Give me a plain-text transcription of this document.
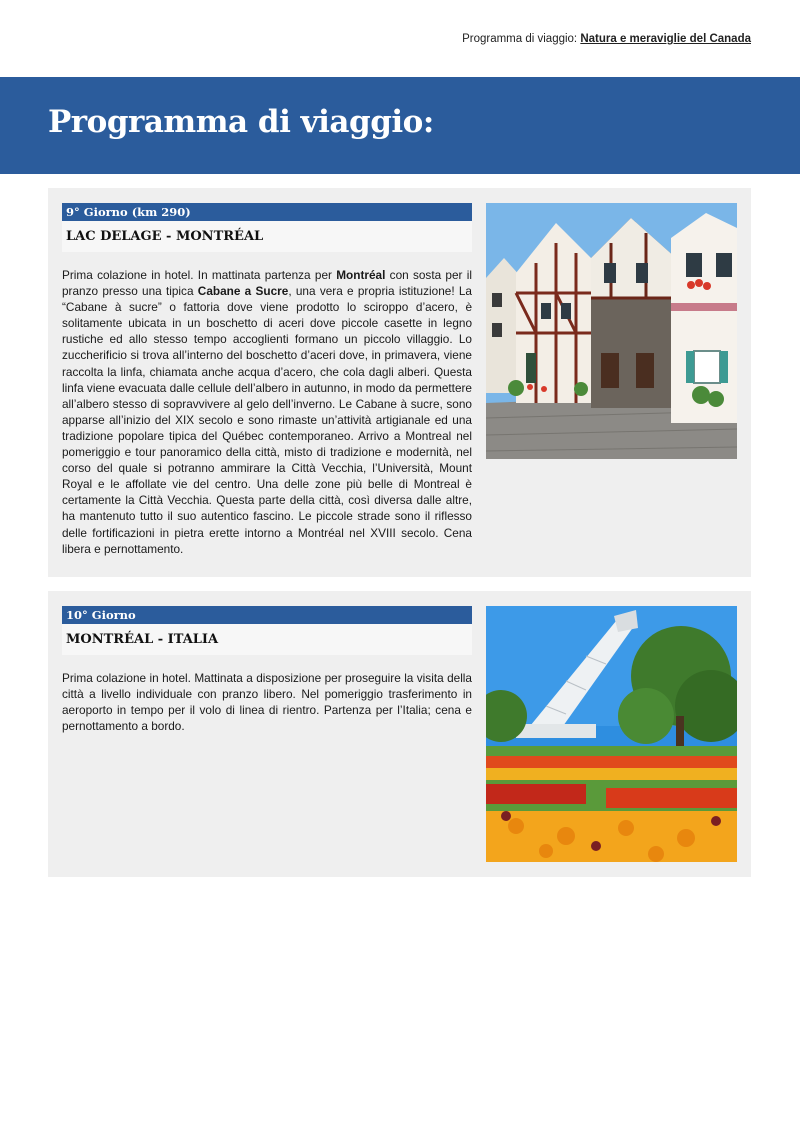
Programma di viaggio: Natura e meraviglie del Canada
Programma di viaggio:
9° Giorno (km 290)
LAC DELAGE - MONTRÉAL

Prima colazione in hotel. In mattinata partenza per Montréal con sosta per il pranzo presso una tipica Cabane a Sucre, una vera e propria istituzione! La “Cabane à sucre” o fattoria dove viene prodotto lo sciroppo d’acero, è solitamente ubicata in un boschetto di aceri dove piccole casette in legno rustiche ed allo stesso tempo accoglienti formano un piccolo villaggio. Lo zuccherificio si trova all’interno del boschetto d’aceri dove, in primavera, viene raccolta la linfa, chiamata anche acqua d’acero, che cola dagli alberi. Questa linfa viene evacuata dalle cellule dell’albero in autunno, in modo da permettere all’albero stesso di sopravvivere al gelo dell’inverno. Le Cabane à sucre, sono apparse all’inizio del XIX secolo e sono rimaste un’attività artigianale ed una tradizione popolare tipica del Québec contemporaneo. Arrivo a Montreal nel pomeriggio e tour panoramico della città, misto di tradizione e modernità, nel corso del quale si potranno ammirare la Città Vecchia, l’Università, Mount Royal e le affollate vie del centro. Una delle zone più belle di Montreal è certamente la Città Vecchia. Questa parte della città, così diversa dalle altre, ha mantenuto tutto il suo autentico fascino. Le piccole strade sono il riflesso delle fortificazioni in pietra erette intorno a Montréal nel XVIII secolo. Cena libera e pernottamento.

10° Giorno
MONTRÉAL - ITALIA

Prima colazione in hotel. Mattinata a disposizione per proseguire la visita della città a livello individuale con pranzo libero. Nel pomeriggio trasferimento in aeroporto in tempo per il volo di linea di rientro. Partenza per l’Italia; cena e pernottamento a bordo.
